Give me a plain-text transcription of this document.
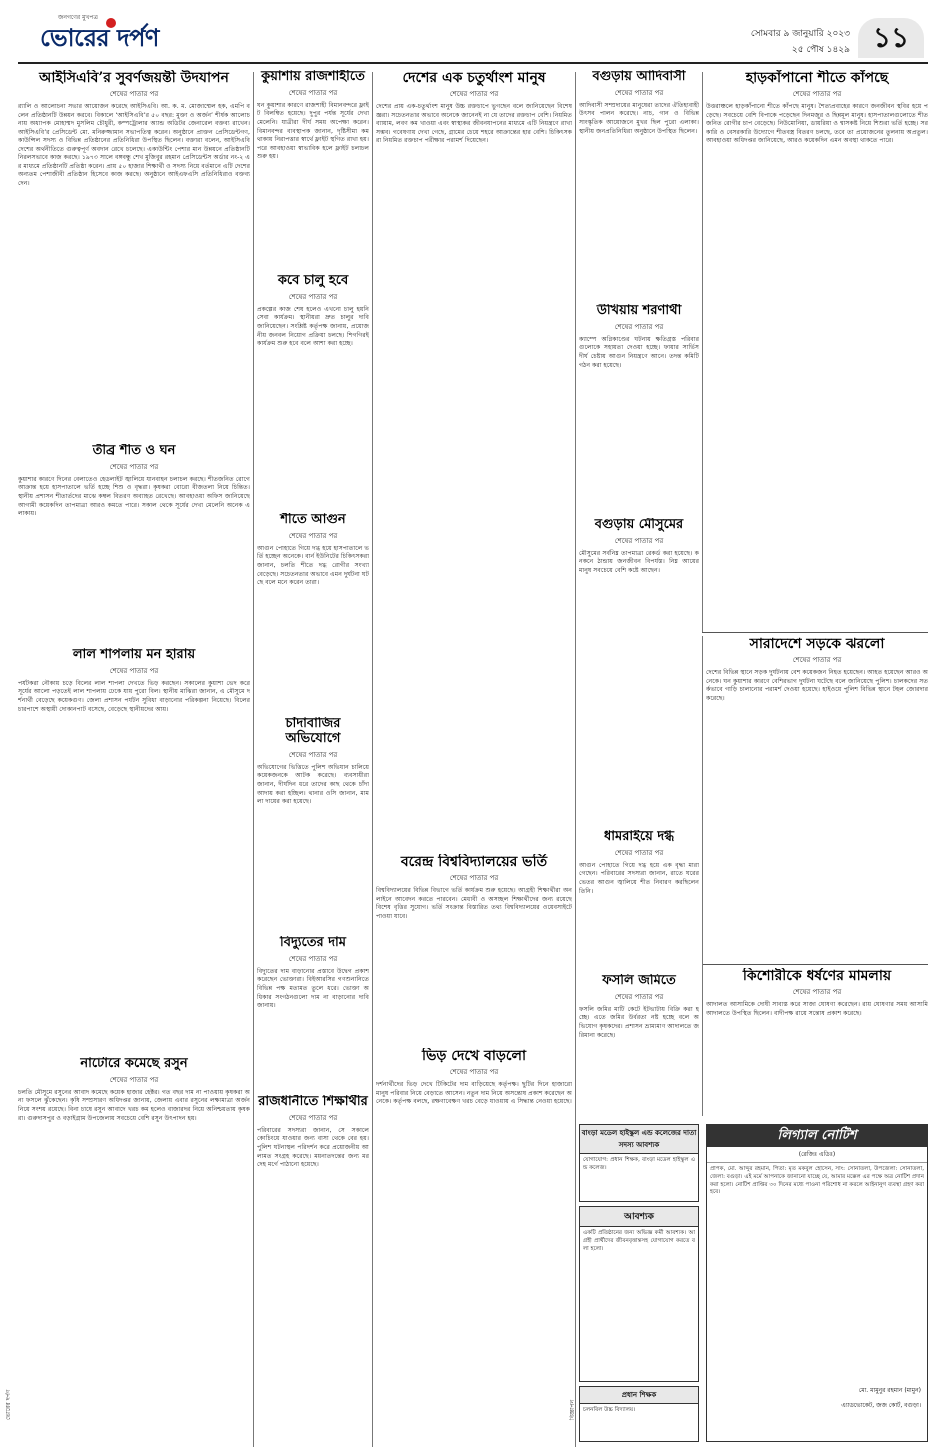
জনগণের মুখপত্র
ভোরের দর্পণ	সোমবার ৯ জানুয়ারি ২০২৩
২৫ পৌষ ১৪২৯ ১১
আইসিএবি’র সুবর্ণজয়ন্তী উদযাপন
শেষের পাতার পর
র‍্যালি ও আলোচনা সভার আয়োজন করেছে আইসিএবি। আ. ক. ম. মোজাম্মেল হক, এমপি বলেন প্রতিষ্ঠানটি উন্নয়ন করবে। বিকালে ‘আইসিএবি’র ৫০ বছর: মুক্তা ও অর্জন’ শীর্ষক আলোচনায় অধ্যাপক মোহাম্মদ মুসলিম চৌধুরী, কম্পট্রোলার অ্যান্ড অডিটর জেনারেল বক্তব্য রাখেন। আইসিএবি’র প্রেসিডেন্ট মো. মনিরুজ্জামান সভাপতিত্ব করেন। অনুষ্ঠানে প্রাক্তন প্রেসিডেন্টগণ, কাউন্সিল সদস্য ও বিভিন্ন প্রতিষ্ঠানের প্রতিনিধিরা উপস্থিত ছিলেন। বক্তারা বলেন, আইসিএবি দেশের অর্থনীতিতে গুরুত্বপূর্ণ অবদান রেখে চলেছে। একাউন্টিং পেশার মান উন্নয়নে প্রতিষ্ঠানটি নিরলসভাবে কাজ করছে। ১৯৭৩ সালে বঙ্গবন্ধু শেখ মুজিবুর রহমান প্রেসিডেন্টস অর্ডার নং-২ এর মাধ্যমে প্রতিষ্ঠানটি প্রতিষ্ঠা করেন। প্রায় ৫০ হাজার শিক্ষার্থী ও সদস্য নিয়ে বর্তমানে এটি দেশের অন্যতম পেশাজীবী প্রতিষ্ঠান হিসেবে কাজ করছে। অনুষ্ঠানে আইএফএসি প্রতিনিধিরাও বক্তব্য দেন।
তীব্র শীত ও ঘন
শেষের পাতার পর
কুয়াশার কারণে দিনের বেলাতেও হেডলাইট জ্বালিয়ে যানবাহন চলাচল করছে। শীতজনিত রোগে আক্রান্ত হয়ে হাসপাতালে ভর্তি হচ্ছে শিশু ও বৃদ্ধরা। কৃষকরা বোরো বীজতলা নিয়ে চিন্তিত। স্থানীয় প্রশাসন শীতার্তদের মাঝে কম্বল বিতরণ অব্যাহত রেখেছে। আবহাওয়া অফিস জানিয়েছে আগামী কয়েকদিন তাপমাত্রা আরও কমতে পারে। সকাল থেকে সূর্যের দেখা মেলেনি অনেক এলাকায়।
লাল শাপলায় মন হারায়
শেষের পাতার পর
পর্যটকরা নৌকায় চড়ে বিলের লাল শাপলা দেখতে ভিড় করছেন। সকালের কুয়াশা ভেদ করে সূর্যের আলো পড়তেই লাল শাপলায় ঢেকে যায় পুরো বিল। স্থানীয় মাঝিরা জানান, এ মৌসুমে দর্শনার্থী বেড়েছে কয়েকগুণ। জেলা প্রশাসন পর্যটন সুবিধা বাড়ানোর পরিকল্পনা নিয়েছে। বিলের চারপাশে অস্থায়ী দোকানপাট বসেছে, বেড়েছে স্থানীয়দের আয়।
নাটোরে কমেছে রসুন
শেষের পাতার পর
চলতি মৌসুমে রসুনের আবাদ কমেছে কয়েক হাজার হেক্টর। গত বছর দাম না পাওয়ায় কৃষকরা অন্য ফসলে ঝুঁকেছেন। কৃষি সম্প্রসারণ অধিদপ্তর জানায়, জেলায় এবার রসুনের লক্ষ্যমাত্রা অর্জন নিয়ে সংশয় রয়েছে। বিনা চাষে রসুন আবাদে খরচ কম হলেও বাজারদর নিয়ে অনিশ্চয়তায় কৃষকরা। গুরুদাসপুর ও বড়াইগ্রাম উপজেলায় সবচেয়ে বেশি রসুন উৎপাদন হয়।
কুয়াশায় রাজশাহীতে
শেষের পাতার পর
ঘন কুয়াশার কারণে রাজশাহী বিমানবন্দরে ফ্লাইট বিলম্বিত হয়েছে। দুপুর পর্যন্ত সূর্যের দেখা মেলেনি। যাত্রীরা দীর্ঘ সময় অপেক্ষা করেন। বিমানবন্দর ব্যবস্থাপক জানান, দৃষ্টিসীমা কম থাকায় নিরাপত্তার স্বার্থে ফ্লাইট স্থগিত রাখা হয়। পরে আবহাওয়া স্বাভাবিক হলে ফ্লাইট চলাচল শুরু হয়।
কবে চালু হবে
শেষের পাতার পর
প্রকল্পের কাজ শেষ হলেও এখনো চালু হয়নি সেবা কার্যক্রম। স্থানীয়রা দ্রুত চালুর দাবি জানিয়েছেন। সংশ্লিষ্ট কর্তৃপক্ষ জানায়, প্রয়োজনীয় জনবল নিয়োগ প্রক্রিয়া চলছে। শিগগিরই কার্যক্রম শুরু হবে বলে আশা করা হচ্ছে।
শীতে আগুন
শেষের পাতার পর
আগুন পোহাতে গিয়ে দগ্ধ হয়ে হাসপাতালে ভর্তি হচ্ছেন অনেকে। বার্ন ইউনিটের চিকিৎসকরা জানান, চলতি শীতে দগ্ধ রোগীর সংখ্যা বেড়েছে। সচেতনতার অভাবে এমন দুর্ঘটনা ঘটছে বলে মনে করেন তারা।
চাঁদাবাজির অভিযোগে
শেষের পাতার পর
অভিযোগের ভিত্তিতে পুলিশ অভিযান চালিয়ে কয়েকজনকে আটক করেছে। ব্যবসায়ীরা জানান, দীর্ঘদিন ধরে তাদের কাছ থেকে চাঁদা আদায় করা হচ্ছিল। থানার ওসি জানান, মামলা দায়ের করা হয়েছে।
বিদ্যুতের দাম
শেষের পাতার পর
বিদ্যুতের দাম বাড়ানোর প্রস্তাবে উদ্বেগ প্রকাশ করেছেন ভোক্তারা। বিইআরসির গণশুনানিতে বিভিন্ন পক্ষ মতামত তুলে ধরে। ভোক্তা অধিকার সংগঠনগুলো দাম না বাড়ানোর দাবি জানায়।
রাজধানীতে শিক্ষার্থীর
শেষের পাতার পর
পরিবারের সদস্যরা জানান, সে সকালে কোচিংয়ে যাওয়ার জন্য বাসা থেকে বের হয়। পুলিশ ঘটনাস্থল পরিদর্শন করে প্রয়োজনীয় আলামত সংগ্রহ করেছে। ময়নাতদন্তের জন্য মরদেহ মর্গে পাঠানো হয়েছে।
দেশের এক চতুর্থাংশ মানুষ
শেষের পাতার পর
দেশের প্রায় এক-চতুর্থাংশ মানুষ উচ্চ রক্তচাপে ভুগছেন বলে জানিয়েছেন বিশেষজ্ঞরা। সচেতনতার অভাবে অনেকে জানেনই না যে তাদের রক্তচাপ বেশি। নিয়মিত ব্যায়াম, লবণ কম খাওয়া এবং স্বাস্থ্যকর জীবনযাপনের মাধ্যমে এটি নিয়ন্ত্রণে রাখা সম্ভব। গবেষণায় দেখা গেছে, গ্রামের চেয়ে শহরে আক্রান্তের হার বেশি। চিকিৎসকরা নিয়মিত রক্তচাপ পরীক্ষার পরামর্শ দিয়েছেন।
বরেন্দ্র বিশ্ববিদ্যালয়ের ভর্তি
শেষের পাতার পর
বিশ্ববিদ্যালয়ের বিভিন্ন বিভাগে ভর্তি কার্যক্রম শুরু হয়েছে। আগ্রহী শিক্ষার্থীরা অনলাইনে আবেদন করতে পারবেন। মেধাবী ও অসচ্ছল শিক্ষার্থীদের জন্য রয়েছে বিশেষ বৃত্তির সুযোগ। ভর্তি সংক্রান্ত বিস্তারিত তথ্য বিশ্ববিদ্যালয়ের ওয়েবসাইটে পাওয়া যাবে।
ভিড় দেখে বাড়লো
শেষের পাতার পর
দর্শনার্থীদের ভিড় দেখে টিকিটের দাম বাড়িয়েছে কর্তৃপক্ষ। ছুটির দিনে হাজারো মানুষ পরিবার নিয়ে বেড়াতে আসেন। নতুন দাম নিয়ে অসন্তোষ প্রকাশ করেছেন অনেকে। কর্তৃপক্ষ বলছে, রক্ষণাবেক্ষণ খরচ বেড়ে যাওয়ায় এ সিদ্ধান্ত নেওয়া হয়েছে।
বগুড়ায় আদিবাসী
শেষের পাতার পর
আদিবাসী সম্প্রদায়ের মানুষেরা তাদের ঐতিহ্যবাহী উৎসব পালন করেছে। নাচ, গান ও বিভিন্ন সাংস্কৃতিক আয়োজনে মুখর ছিল পুরো এলাকা। স্থানীয় জনপ্রতিনিধিরা অনুষ্ঠানে উপস্থিত ছিলেন।
উখিয়ায় শরণার্থী
শেষের পাতার পর
ক্যাম্পে অগ্নিকাণ্ডের ঘটনায় ক্ষতিগ্রস্ত পরিবারগুলোকে সহায়তা দেওয়া হচ্ছে। ফায়ার সার্ভিস দীর্ঘ চেষ্টায় আগুন নিয়ন্ত্রণে আনে। তদন্ত কমিটি গঠন করা হয়েছে।
বগুড়ায় মৌসুমের
শেষের পাতার পর
মৌসুমের সর্বনিম্ন তাপমাত্রা রেকর্ড করা হয়েছে। কনকনে ঠান্ডায় জনজীবন বিপর্যস্ত। নিম্ন আয়ের মানুষ সবচেয়ে বেশি কষ্টে আছেন।
ধামরাইয়ে দগ্ধ
শেষের পাতার পর
আগুন পোহাতে গিয়ে দগ্ধ হয়ে এক বৃদ্ধা মারা গেছেন। পরিবারের সদস্যরা জানান, রাতে ঘরের ভেতর আগুন জ্বালিয়ে শীত নিবারণ করছিলেন তিনি।
ফসলি জমিতে
শেষের পাতার পর
ফসলি জমির মাটি কেটে ইটভাটায় বিক্রি করা হচ্ছে। এতে জমির উর্বরতা নষ্ট হচ্ছে বলে অভিযোগ কৃষকদের। প্রশাসন ভ্রাম্যমাণ আদালতে জরিমানা করেছে।
হাড়কাঁপানো শীতে কাঁপছে
শেষের পাতার পর
উত্তরাঞ্চলে হাড়কাঁপানো শীতে কাঁপছে মানুষ। শৈত্যপ্রবাহের কারণে জনজীবন স্থবির হয়ে পড়েছে। সবচেয়ে বেশি বিপাকে পড়েছেন দিনমজুর ও ছিন্নমূল মানুষ। হাসপাতালগুলোতে শীতজনিত রোগীর চাপ বেড়েছে। নিউমোনিয়া, ডায়রিয়া ও শ্বাসকষ্ট নিয়ে শিশুরা ভর্তি হচ্ছে। সরকারি ও বেসরকারি উদ্যোগে শীতবস্ত্র বিতরণ চলছে, তবে তা প্রয়োজনের তুলনায় অপ্রতুল। আবহাওয়া অধিদপ্তর জানিয়েছে, আরও কয়েকদিন এমন অবস্থা থাকতে পারে।
সারাদেশে সড়কে ঝরলো
শেষের পাতার পর
দেশের বিভিন্ন স্থানে সড়ক দুর্ঘটনায় বেশ কয়েকজন নিহত হয়েছেন। আহত হয়েছেন আরও অনেকে। ঘন কুয়াশার কারণে বেশিরভাগ দুর্ঘটনা ঘটেছে বলে জানিয়েছে পুলিশ। চালকদের সতর্কভাবে গাড়ি চালানোর পরামর্শ দেওয়া হয়েছে। হাইওয়ে পুলিশ বিভিন্ন স্থানে টহল জোরদার করেছে।
কিশোরীকে ধর্ষণের মামলায়
শেষের পাতার পর
আদালত আসামিকে দোষী সাব্যস্ত করে সাজা ঘোষণা করেছেন। রায় ঘোষণার সময় আসামি আদালতে উপস্থিত ছিলেন। বাদীপক্ষ রায়ে সন্তোষ প্রকাশ করেছে।
বাংড়া মডেল হাইস্কুল এন্ড কলেজের দাতা সদস্য আবশ্যক
যোগাযোগ: প্রধান শিক্ষক, বাংড়া মডেল হাইস্কুল এন্ড কলেজ।
আবশ্যক
একটি প্রতিষ্ঠানের জন্য অভিজ্ঞ কর্মী আবশ্যক। আগ্রহী প্রার্থীদের জীবনবৃত্তান্তসহ যোগাযোগ করতে বলা হলো।
প্রধান শিক্ষক
চলনবিল উচ্চ বিদ্যালয়।
লিগ্যাল নোটিশ
(রেজিঃ এডিঃ)
প্রাপক, মো. আব্দুর রহমান, পিতা: মৃত মকবুল হোসেন, সাং: সোনাতলা, উপজেলা: সোনাতলা, জেলা: বগুড়া। এই মর্মে আপনাকে জানানো যাচ্ছে যে, আমার মক্কেল এর পক্ষে অত্র নোটিশ প্রদান করা হলো। নোটিশ প্রাপ্তির ৩০ দিনের মধ্যে পাওনা পরিশোধ না করলে আইনানুগ ব্যবস্থা গ্রহণ করা হবে।
মো. মামুনুর রহমান (মামুন)
এ্যাডভোকেট, জজ কোর্ট, বগুড়া।
ভোরের দর্পণ	বিজ্ঞাপন
